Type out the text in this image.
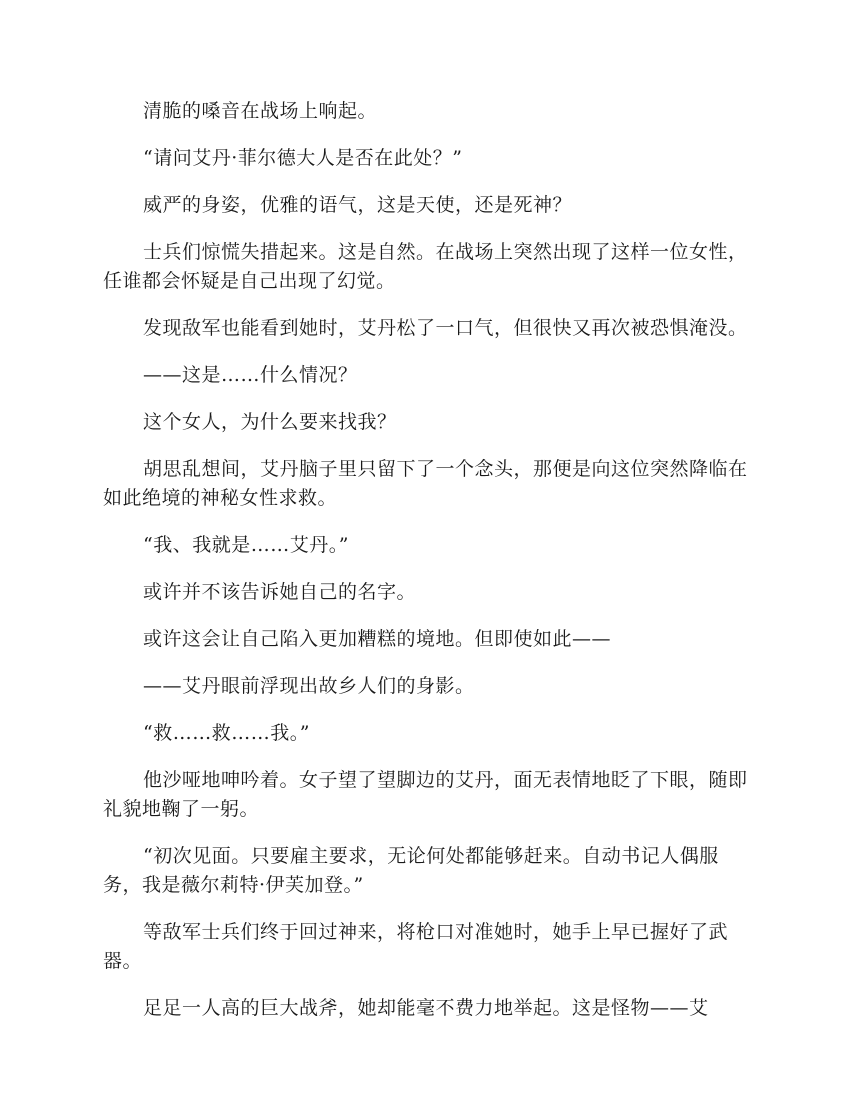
清脆的嗓音在战场上响起。

“请问艾丹·菲尔德大人是否在此处？”

威严的身姿，优雅的语气，这是天使，还是死神？

士兵们惊慌失措起来。这是自然。在战场上突然出现了这样一位女性，任谁都会怀疑是自己出现了幻觉。

发现敌军也能看到她时，艾丹松了一口气，但很快又再次被恐惧淹没。

——这是……什么情况？

这个女人，为什么要来找我？

胡思乱想间，艾丹脑子里只留下了一个念头，那便是向这位突然降临在如此绝境的神秘女性求救。

“我、我就是……艾丹。”

或许并不该告诉她自己的名字。

或许这会让自己陷入更加糟糕的境地。但即使如此——

——艾丹眼前浮现出故乡人们的身影。

“救……救……我。”

他沙哑地呻吟着。女子望了望脚边的艾丹，面无表情地眨了下眼，随即礼貌地鞠了一躬。

“初次见面。只要雇主要求，无论何处都能够赶来。自动书记人偶服务，我是薇尔莉特·伊芙加登。”

等敌军士兵们终于回过神来，将枪口对准她时，她手上早已握好了武器。

足足一人高的巨大战斧，她却能毫不费力地举起。这是怪物——艾
